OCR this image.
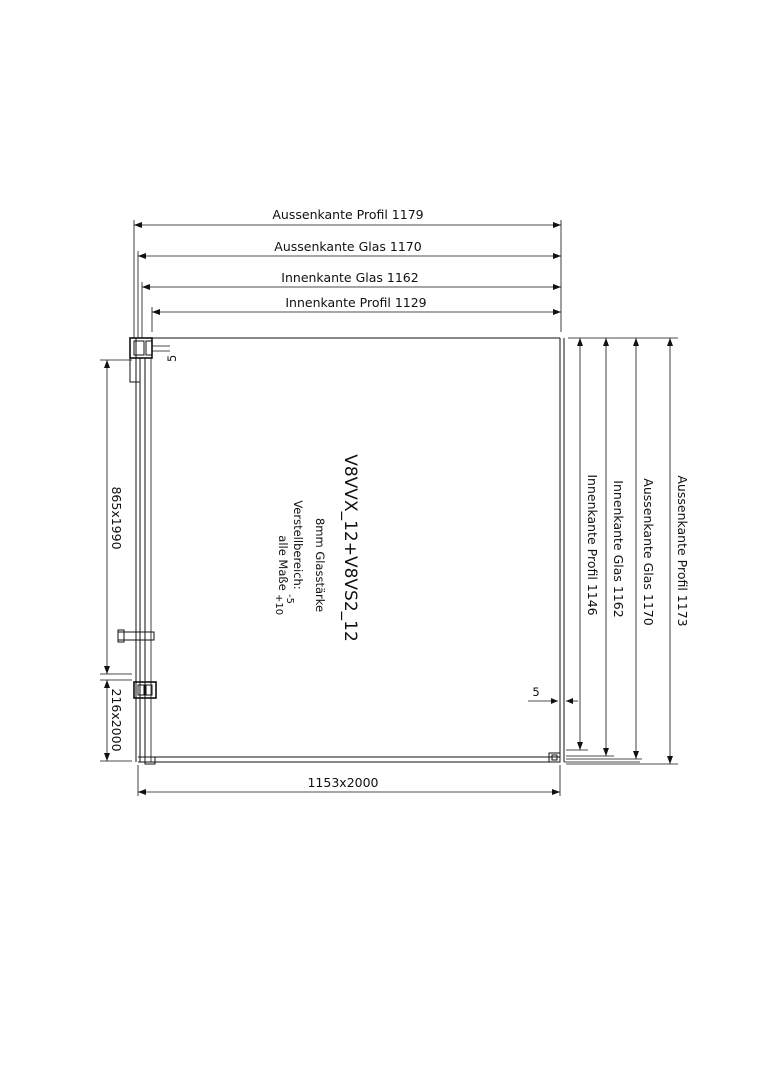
Aussenkante Profil 1179
Aussenkante Glas 1170
Innenkante Glas 1162
Innenkante Profil 1129
5
865x1990
216x2000
1153x2000
Innenkante Profil 1146 Innenkante Glas 1162 Aussenkante Glas 1170 Aussenkante Profil 1173
5
V8VVX_12+V8VS2_12
8mm Glasstärke
Verstellbereich:
alle Maße
-5
+10
